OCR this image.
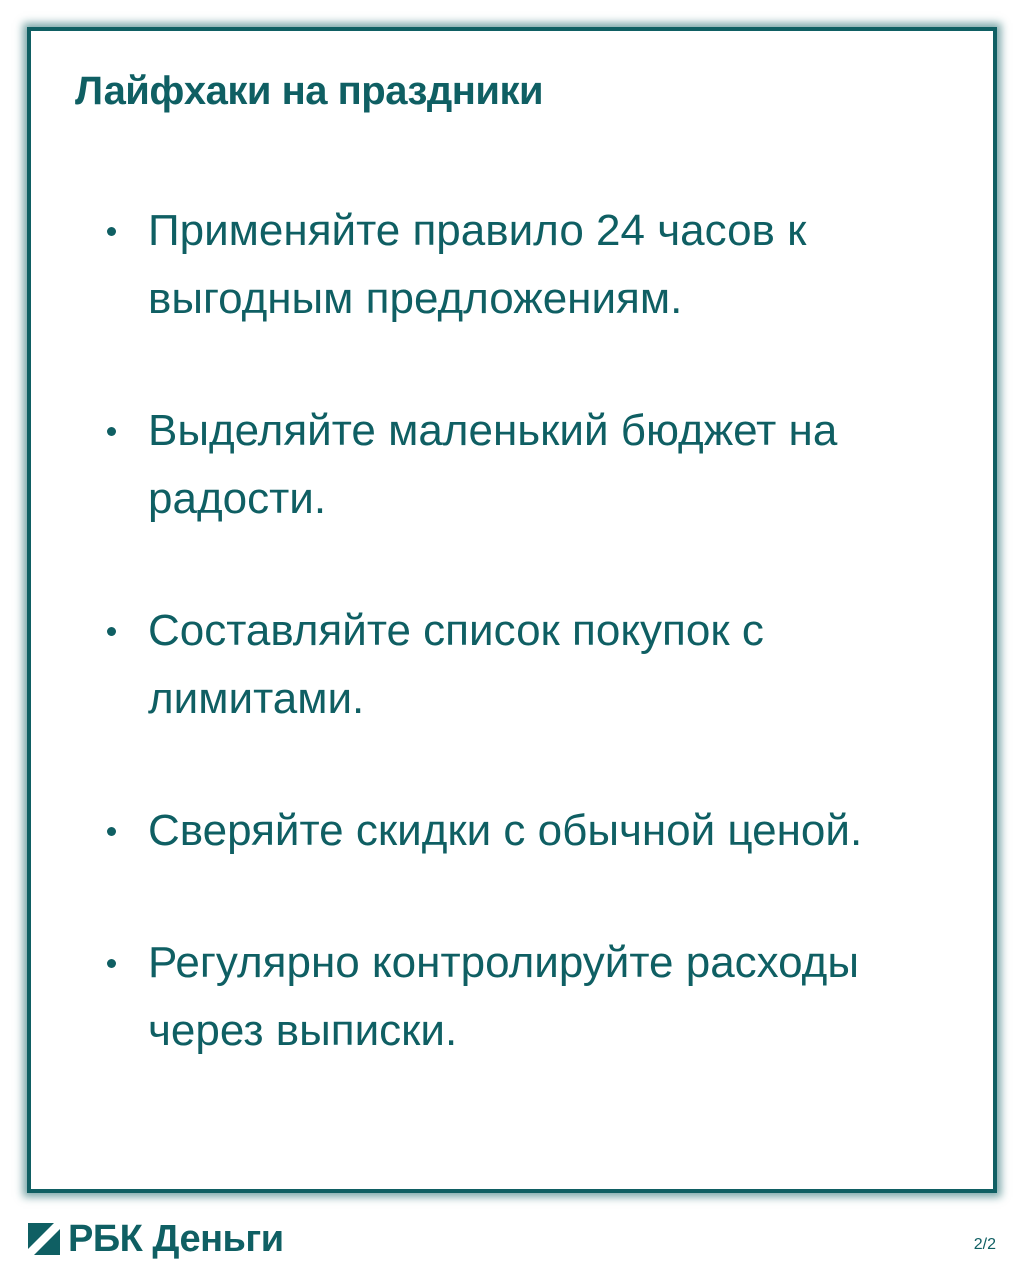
Лайфхаки на праздники
Применяйте правило 24 часов к выгодным предложениям.
Выделяйте маленький бюджет на радости.
Составляйте список покупок с лимитами.
Сверяйте скидки с обычной ценой.
Регулярно контролируйте расходы через выписки.
РБК Деньги	2/2
